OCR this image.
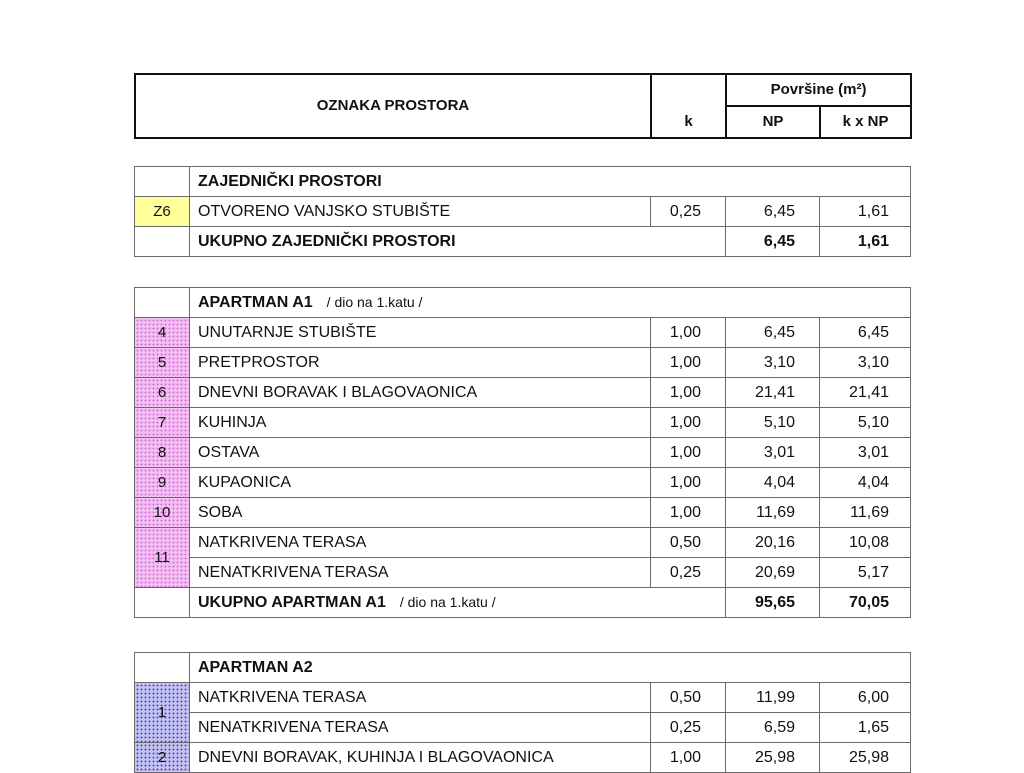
OZNAKA PROSTORA	k	Površine (m²)	
		NP	k x NP
	ZAJEDNIČKI PROSTORI			
Z6	OTVORENO VANJSKO STUBIŠTE	0,25	6,45	1,61
	UKUPNO ZAJEDNIČKI PROSTORI		6,45	1,61
	APARTMAN A1 / dio na 1.katu /			
4	UNUTARNJE STUBIŠTE	1,00	6,45	6,45
5	PRETPROSTOR	1,00	3,10	3,10
6	DNEVNI BORAVAK I BLAGOVAONICA	1,00	21,41	21,41
7	KUHINJA	1,00	5,10	5,10
8	OSTAVA	1,00	3,01	3,01
9	KUPAONICA	1,00	4,04	4,04
10	SOBA	1,00	11,69	11,69
11	NATKRIVENA TERASA	0,50	20,16	10,08
	NENATKRIVENA TERASA	0,25	20,69	5,17
	UKUPNO APARTMAN A1 / dio na 1.katu /		95,65	70,05
	APARTMAN A2			
1	NATKRIVENA TERASA	0,50	11,99	6,00
	NENATKRIVENA TERASA	0,25	6,59	1,65
2	DNEVNI BORAVAK, KUHINJA I BLAGOVAONICA	1,00	25,98	25,98
